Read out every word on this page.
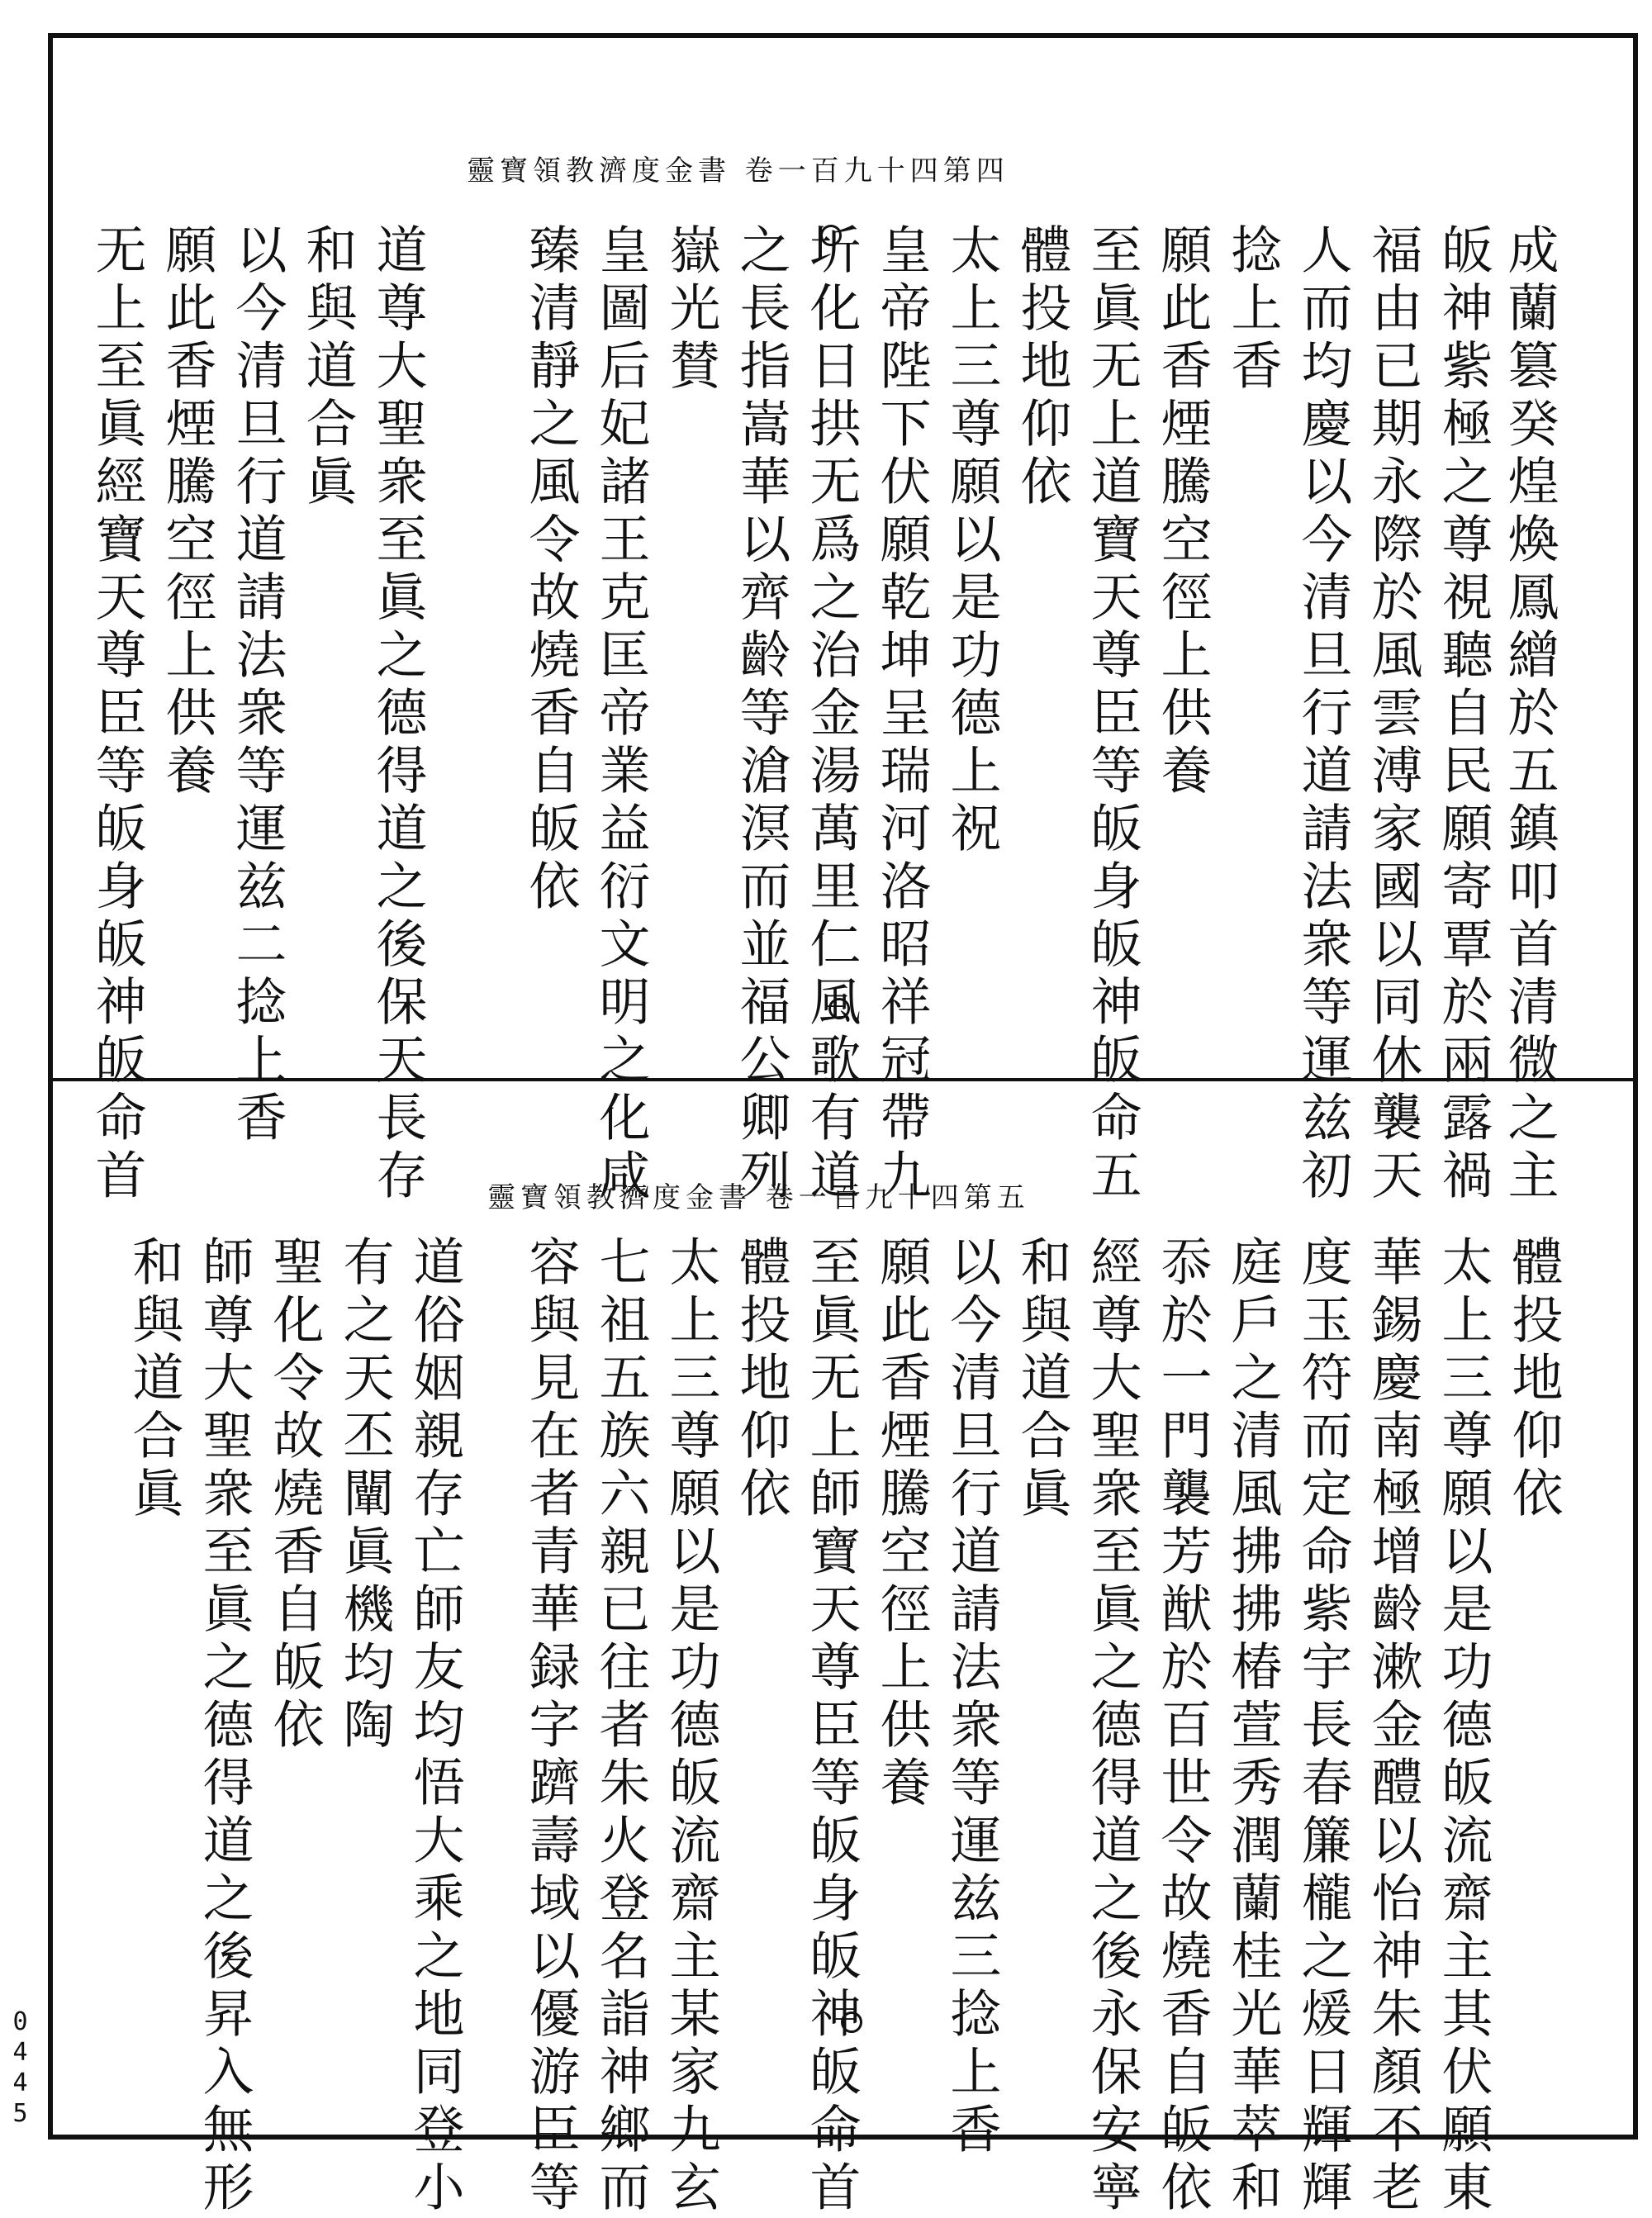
靈寶領教濟度金書 卷一百九十四第四
成蘭篡癸煌煥鳳繒於五鎮叩首清微之主
皈神紫極之尊視聽自民願寄覃於兩露禍
福由已期永際於風雲溥家國以同休襲天
人而均慶以今清旦行道請法衆等運兹初
捻上香
願此香煙騰空徑上供養
至眞无上道寶天尊臣等皈身皈神皈命五
體投地仰依
太上三尊願以是功德上祝
皇帝陛下伏願乾坤呈瑞河洛昭祥冠帶九
圻化日拱无爲之治金湯萬里仁風歌有道
之長指嵩華以齊齡等滄溟而並福公卿列
嶽光賛
皇圖后妃諸王克匡帝業益衍文明之化咸
臻清靜之風令故燒香自皈依
道尊大聖衆至眞之德得道之後保天長存
和與道合眞
以今清旦行道請法衆等運兹二捻上香
願此香煙騰空徑上供養
无上至眞經寶天尊臣等皈身皈神皈命首	靈寶領教濟度金書 卷一百九十四第五
體投地仰依
太上三尊願以是功德皈流齋主其伏願東
華錫慶南極增齡漱金醴以怡神朱顏不老
度玉符而定命紫宇長春簾櫳之煖日輝輝
庭戶之清風拂拂椿萱秀潤蘭桂光華萃和
忝於一門襲芳猷於百世令故燒香自皈依
經尊大聖衆至眞之德得道之後永保安寧
和與道合眞
以今清旦行道請法衆等運兹三捻上香
願此香煙騰空徑上供養
至眞无上師寶天尊臣等皈身皈神皈命首
體投地仰依
太上三尊願以是功德皈流齋主某家九玄
七祖五族六親已往者朱火登名詣神鄉而
容與見在者青華録字躋壽域以優游臣等
道俗姻親存亡師友均悟大乘之地同登小
有之天丕闡眞機均陶
聖化令故燒香自皈依
師尊大聖衆至眞之德得道之後昇入無形
和與道合眞
0445
